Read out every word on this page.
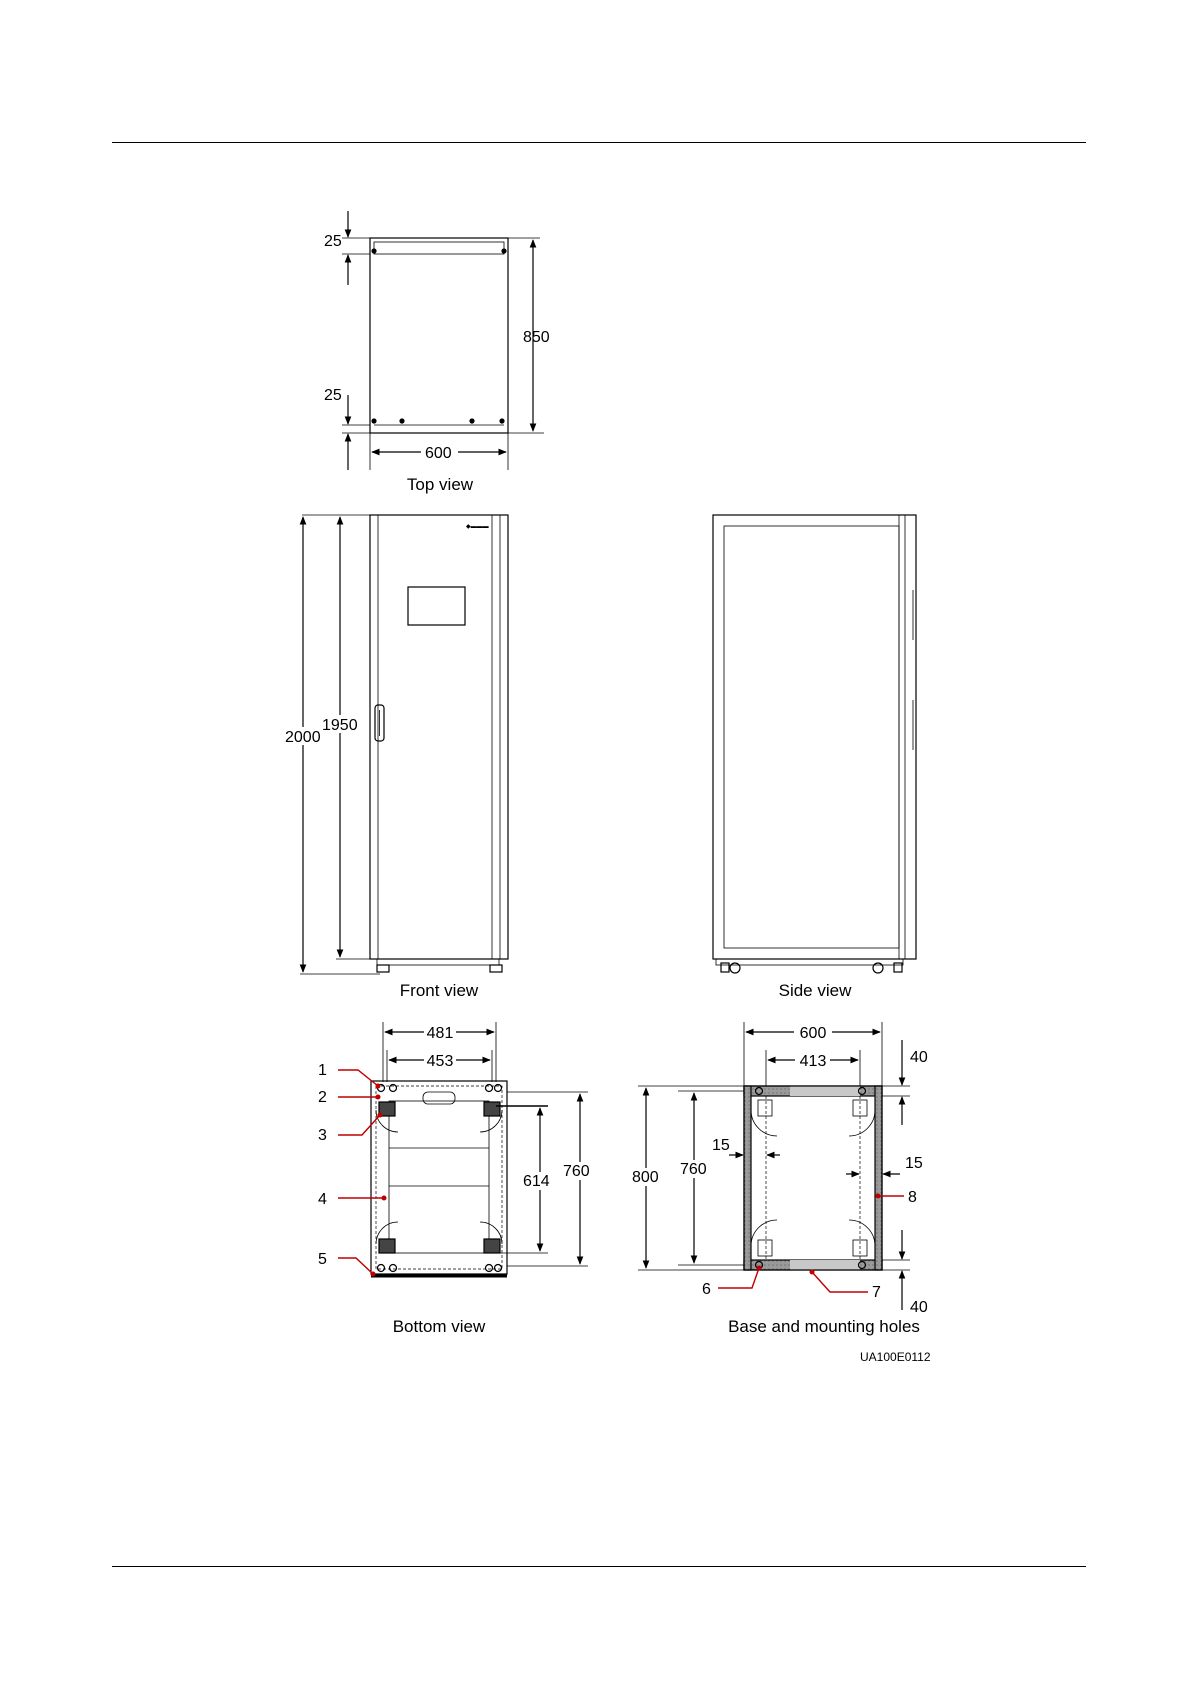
25
25
850
600
Top view
◆▬▬▬
2000
1950
Front view	Side view
481
453
614
760
1
2
3
4
5
Bottom view
600
413	40
40
15
15
800 760
6	7
8
Base and mounting holes
UA100E0112
